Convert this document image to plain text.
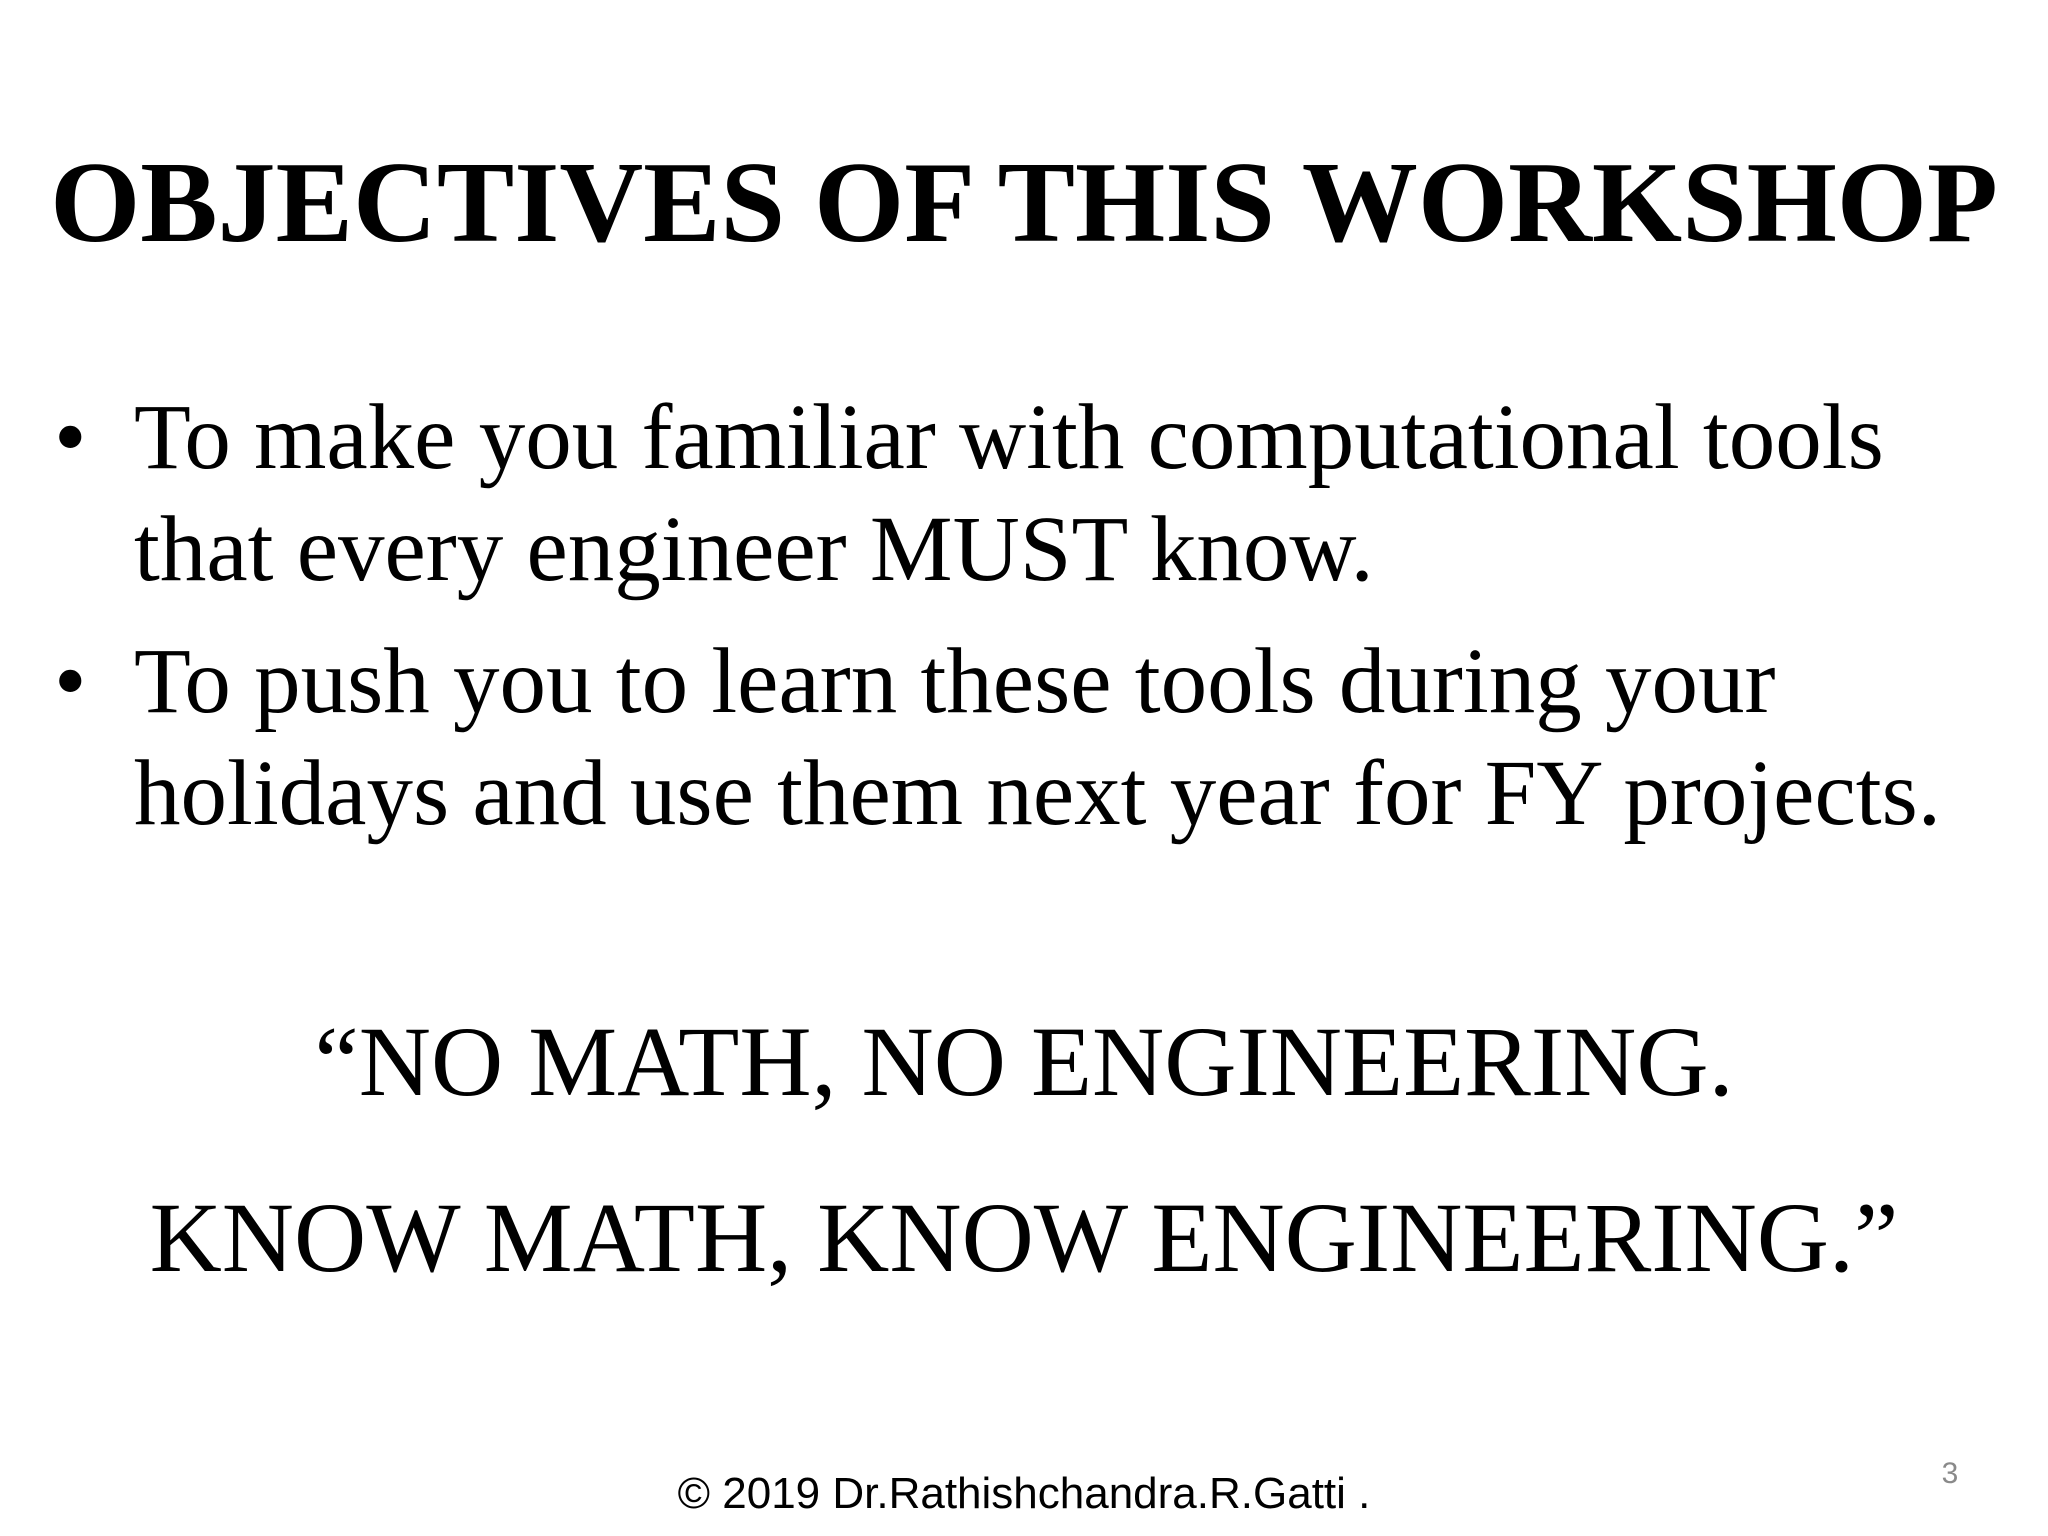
OBJECTIVES OF THIS WORKSHOP
• To make you familiar with computational tools
that every engineer MUST know.
• To push you to learn these tools during your
holidays and use them next year for FY projects.
“NO MATH, NO ENGINEERING.
KNOW MATH, KNOW ENGINEERING.”
© 2019 Dr.Rathishchandra.R.Gatti .	3
